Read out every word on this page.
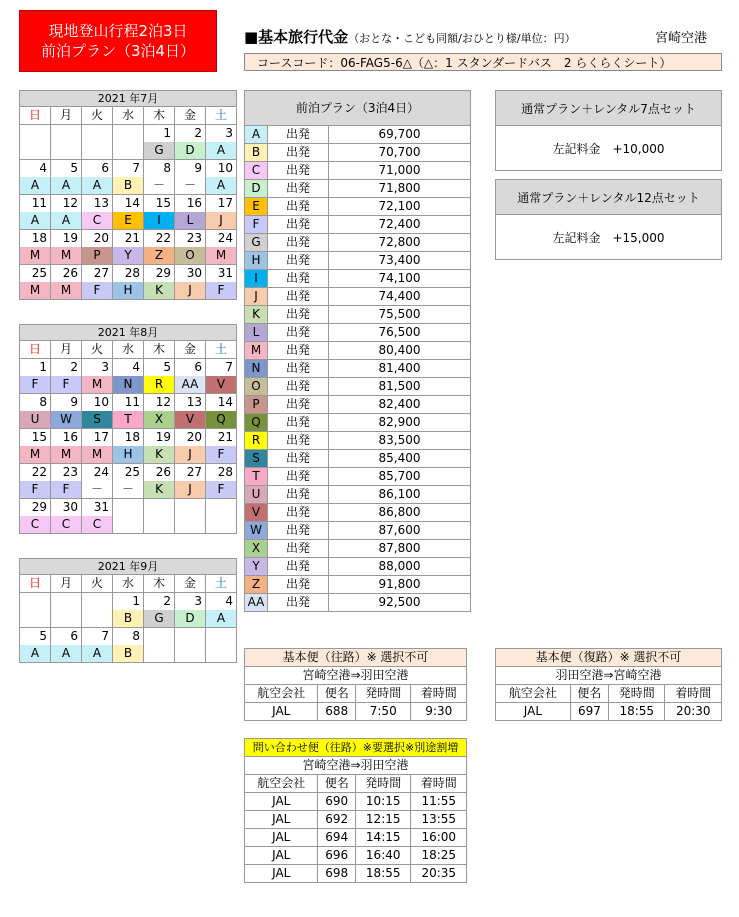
現地登山行程2泊3日
前泊プラン（3泊4日）
■基本旅行代金（おとな・こども同額/おひとり様/単位：円）	宮崎空港
コースコード：06-FAG5-6△（△：1 スタンダードバス　2 らくらくシート）
2021 年7月						
日	月	火	水	木	金	土
				1	2	3
				G	D	A
4	5	6	7	8	9	10
A	A	A	B	－	－	A
11	12	13	14	15	16	17
A	A	C	E	I	L	J
18	19	20	21	22	23	24
M	M	P	Y	Z	O	M
25	26	27	28	29	30	31
M	M	F	H	K	J	F
2021 年8月						
日	月	火	水	木	金	土
1	2	3	4	5	6	7
F	F	M	N	R	AA	V
8	9	10	11	12	13	14
U	W	S	T	X	V	Q
15	16	17	18	19	20	21
M	M	M	H	K	J	F
22	23	24	25	26	27	28
F	F	－	－	K	J	F
29	30	31				
C	C	C				
2021 年9月						
日	月	火	水	木	金	土
			1	2	3	4
			B	G	D	A
5	6	7	8			
A	A	A	B			
前泊プラン（3泊4日）		
A	出発	69,700
B	出発	70,700
C	出発	71,000
D	出発	71,800
E	出発	72,100
F	出発	72,400
G	出発	72,800
H	出発	73,400
I	出発	74,100
J	出発	74,400
K	出発	75,500
L	出発	76,500
M	出発	80,400
N	出発	81,400
O	出発	81,500
P	出発	82,400
Q	出発	82,900
R	出発	83,500
S	出発	85,400
T	出発	85,700
U	出発	86,100
V	出発	86,800
W	出発	87,600
X	出発	87,800
Y	出発	88,000
Z	出発	91,800
AA	出発	92,500
通常プラン＋レンタル7点セット
左記料金　+10,000
通常プラン＋レンタル12点セット
左記料金　+15,000
基本便（往路）※ 選択不可			
宮崎空港⇒羽田空港			
航空会社	便名	発時間	着時間
JAL	688	7:50	9:30
基本便（復路）※ 選択不可			
羽田空港⇒宮崎空港			
航空会社	便名	発時間	着時間
JAL	697	18:55	20:30
問い合わせ便（往路）※要選択※別途割増			
宮崎空港⇒羽田空港			
航空会社	便名	発時間	着時間
JAL	690	10:15	11:55
JAL	692	12:15	13:55
JAL	694	14:15	16:00
JAL	696	16:40	18:25
JAL	698	18:55	20:35
